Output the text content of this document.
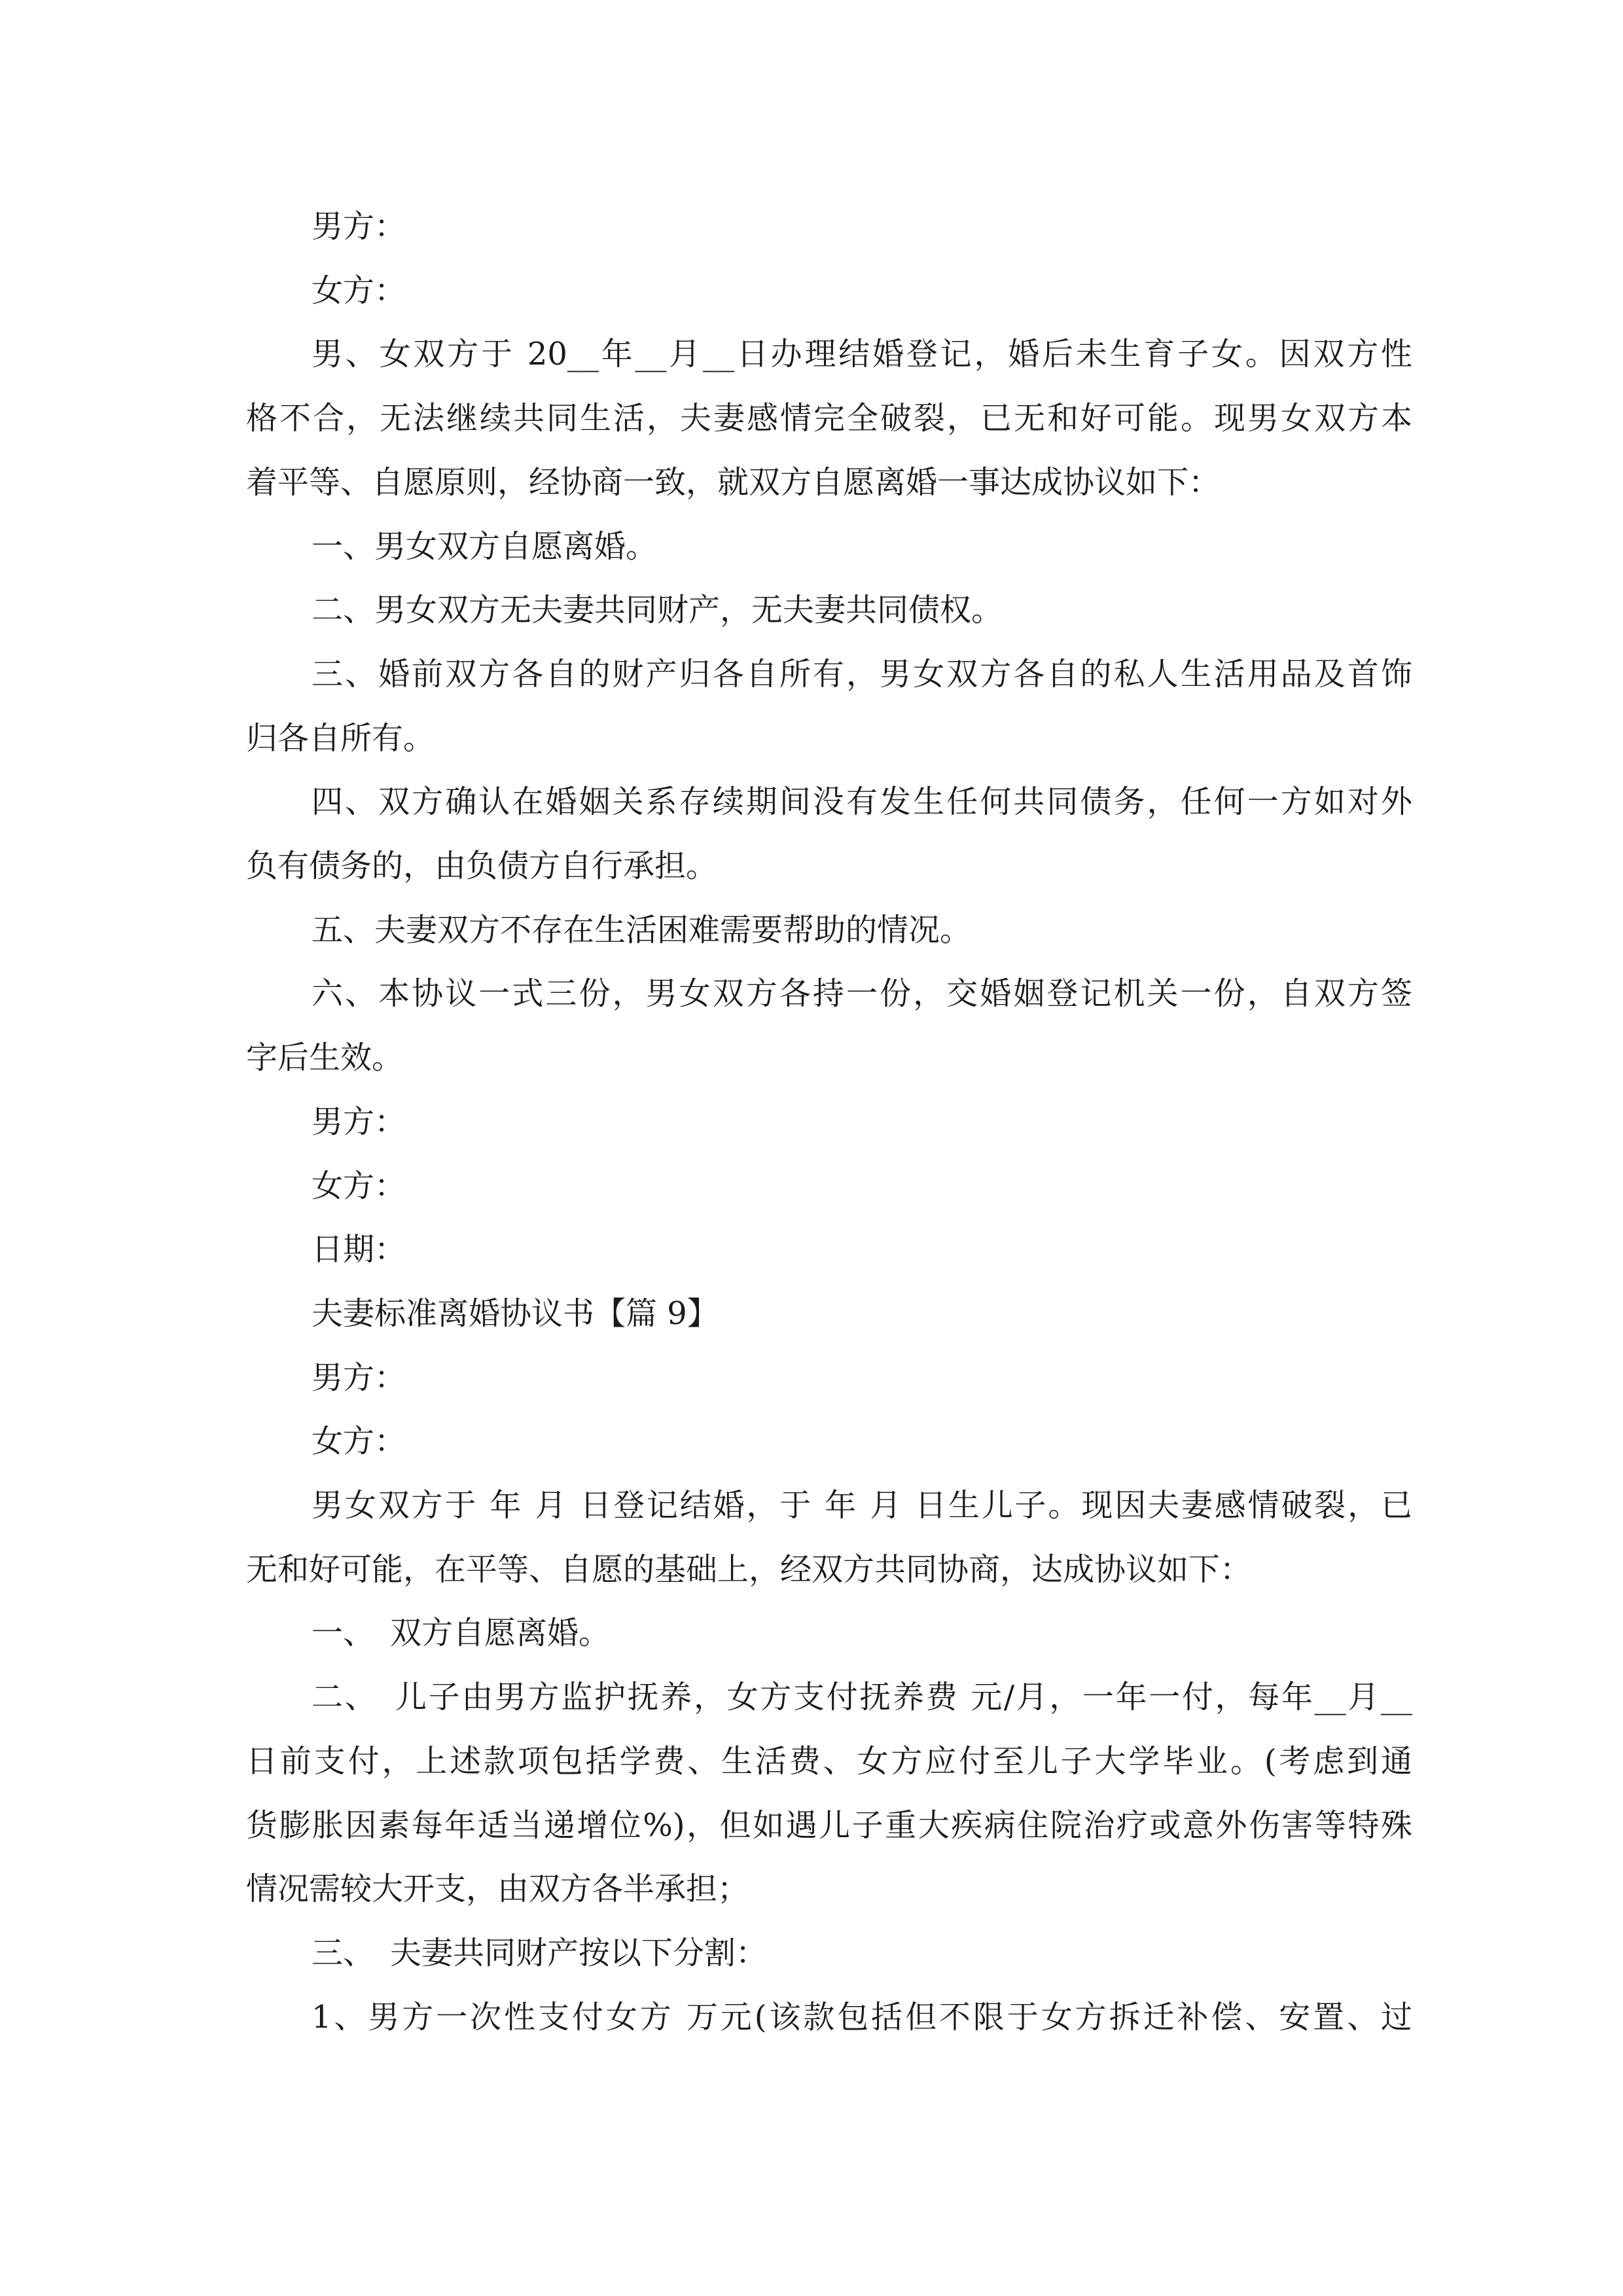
男方：
女方：
男、女双方于 20__年__月__日办理结婚登记，婚后未生育子女。因双方性
格不合，无法继续共同生活，夫妻感情完全破裂，已无和好可能。现男女双方本
着平等、自愿原则，经协商一致，就双方自愿离婚一事达成协议如下：
一、男女双方自愿离婚。
二、男女双方无夫妻共同财产，无夫妻共同债权。
三、婚前双方各自的财产归各自所有，男女双方各自的私人生活用品及首饰
归各自所有。
四、双方确认在婚姻关系存续期间没有发生任何共同债务，任何一方如对外
负有债务的，由负债方自行承担。
五、夫妻双方不存在生活困难需要帮助的情况。
六、本协议一式三份，男女双方各持一份，交婚姻登记机关一份，自双方签
字后生效。
男方：
女方：
日期：
夫妻标准离婚协议书【篇 9】
男方：
女方：
男女双方于 年 月 日登记结婚，于 年 月 日生儿子。现因夫妻感情破裂，已
无和好可能，在平等、自愿的基础上，经双方共同协商，达成协议如下：
一、　双方自愿离婚。
二、　儿子由男方监护抚养，女方支付抚养费 元/月，一年一付，每年__月__
日前支付，上述款项包括学费、生活费、女方应付至儿子大学毕业。(考虑到通
货膨胀因素每年适当递增位%)，但如遇儿子重大疾病住院治疗或意外伤害等特殊
情况需较大开支，由双方各半承担；
三、　夫妻共同财产按以下分割：
1、男方一次性支付女方 万元(该款包括但不限于女方拆迁补偿、安置、过
